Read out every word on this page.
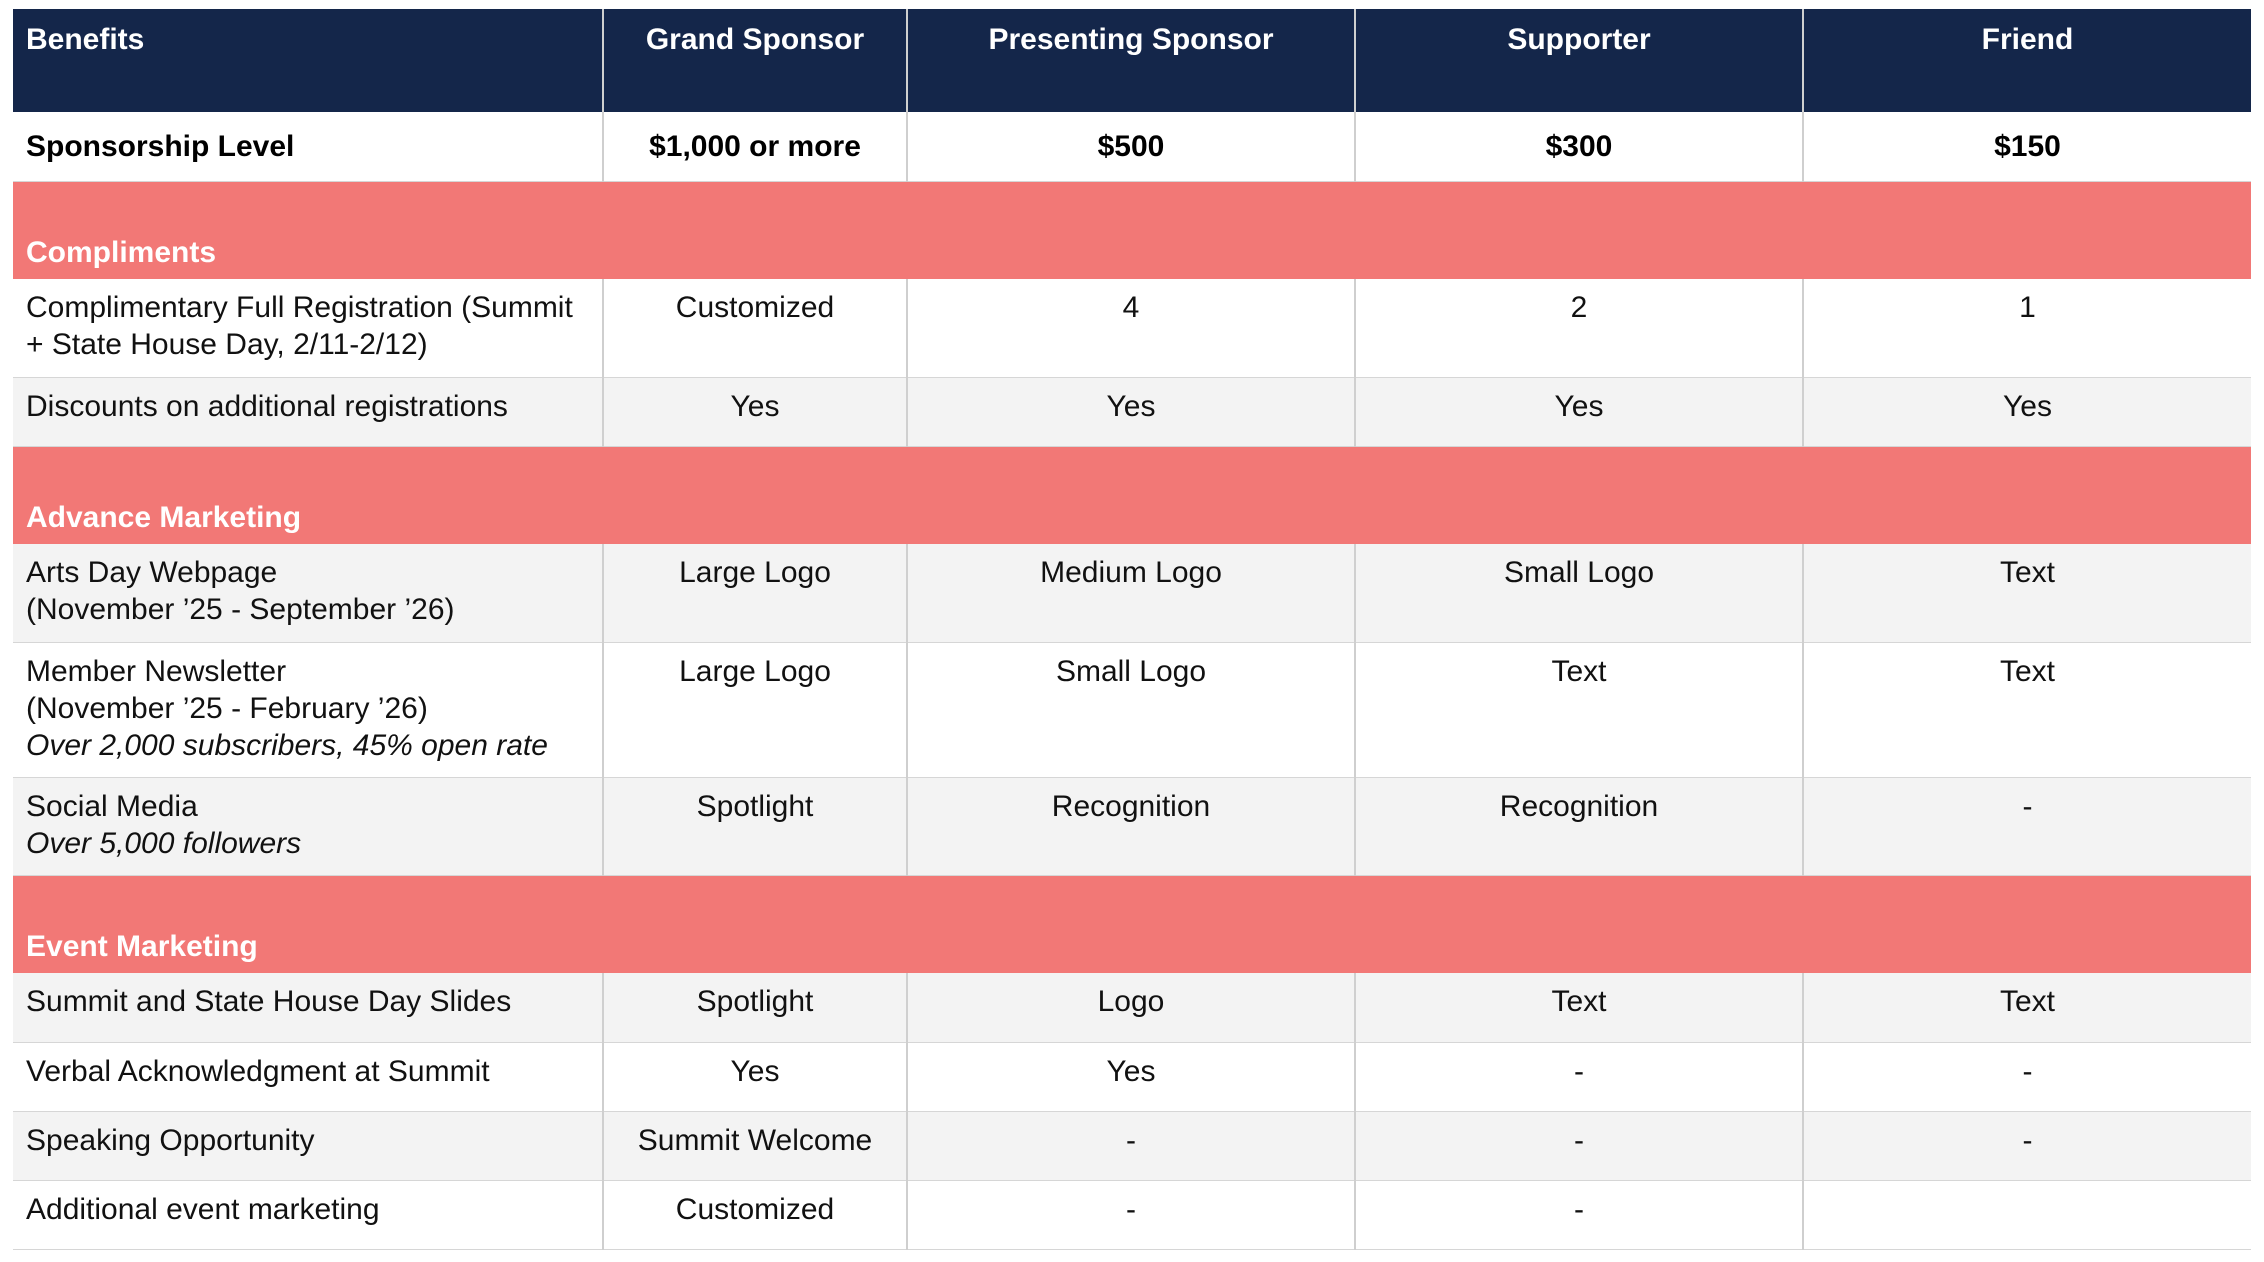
Benefits	Grand Sponsor	Presenting Sponsor	Supporter	Friend
Sponsorship Level	$1,000 or more	$500	$300	$150
Compliments				

Complimentary Full Registration (Summit
+ State House Day, 2/11-2/12)	Customized	4	2	1
Discounts on additional registrations	Yes	Yes	Yes	Yes
Advance Marketing				

Arts Day Webpage
(November ’25 - September ’26)	Large Logo	Medium Logo	Small Logo	Text

Member Newsletter
(November ’25 - February ’26)
Over 2,000 subscribers, 45% open rate	Large Logo	Small Logo	Text	Text

Social Media
Over 5,000 followers	Spotlight	Recognition	Recognition	-
Event Marketing				
Summit and State House Day Slides	Spotlight	Logo	Text	Text
Verbal Acknowledgment at Summit	Yes	Yes	-	-
Speaking Opportunity	Summit Welcome	-	-	-
Additional event marketing	Customized	-	-	
